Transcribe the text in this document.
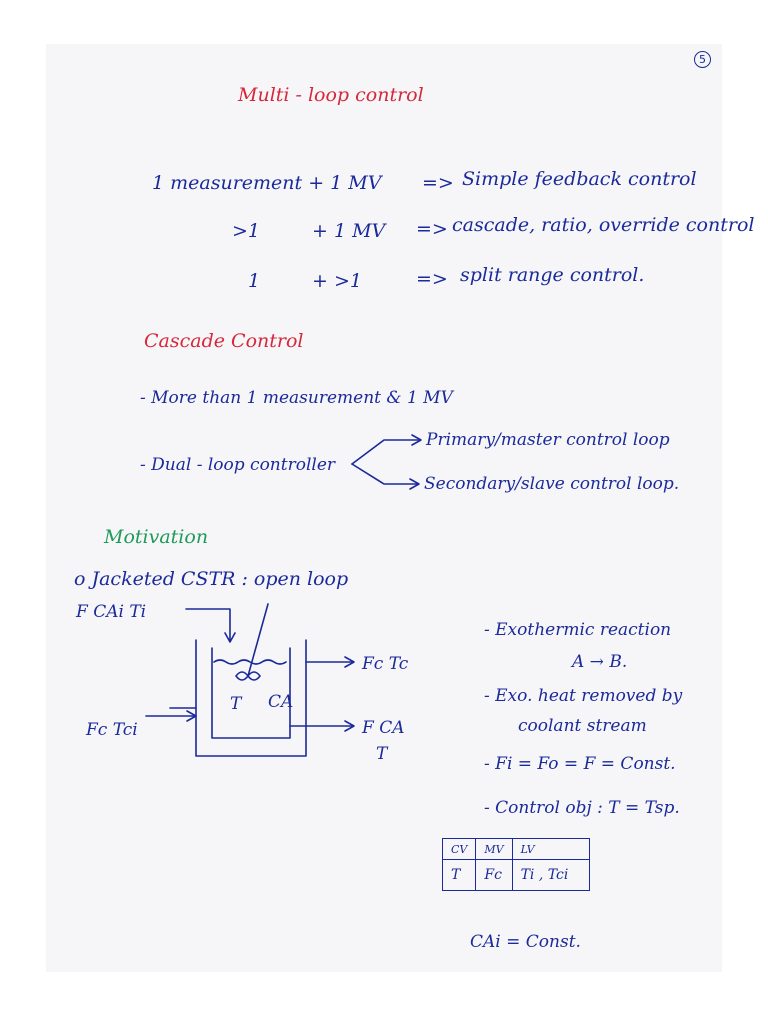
5
Multi - loop control
1 measurement + 1 MV => Simple feedback control
>1	+ 1 MV => cascade, ratio, override control
1	+ >1	=> split range control.
Cascade Control
- More than 1 measurement & 1 MV
- Dual - loop controller
Primary/master control loop
Secondary/slave control loop.
Motivation
o Jacketed CSTR : open loop
F CAi Ti
Fc Tci
Fc Tc
F CA
T
T CA
- Exothermic reaction
A → B.
- Exo. heat removed by
coolant stream
- Fi = Fo = F = Const.
- Control obj : T = Tsp.
CV	MV	LV
T	Fc	Ti , Tci
CAi = Const.
